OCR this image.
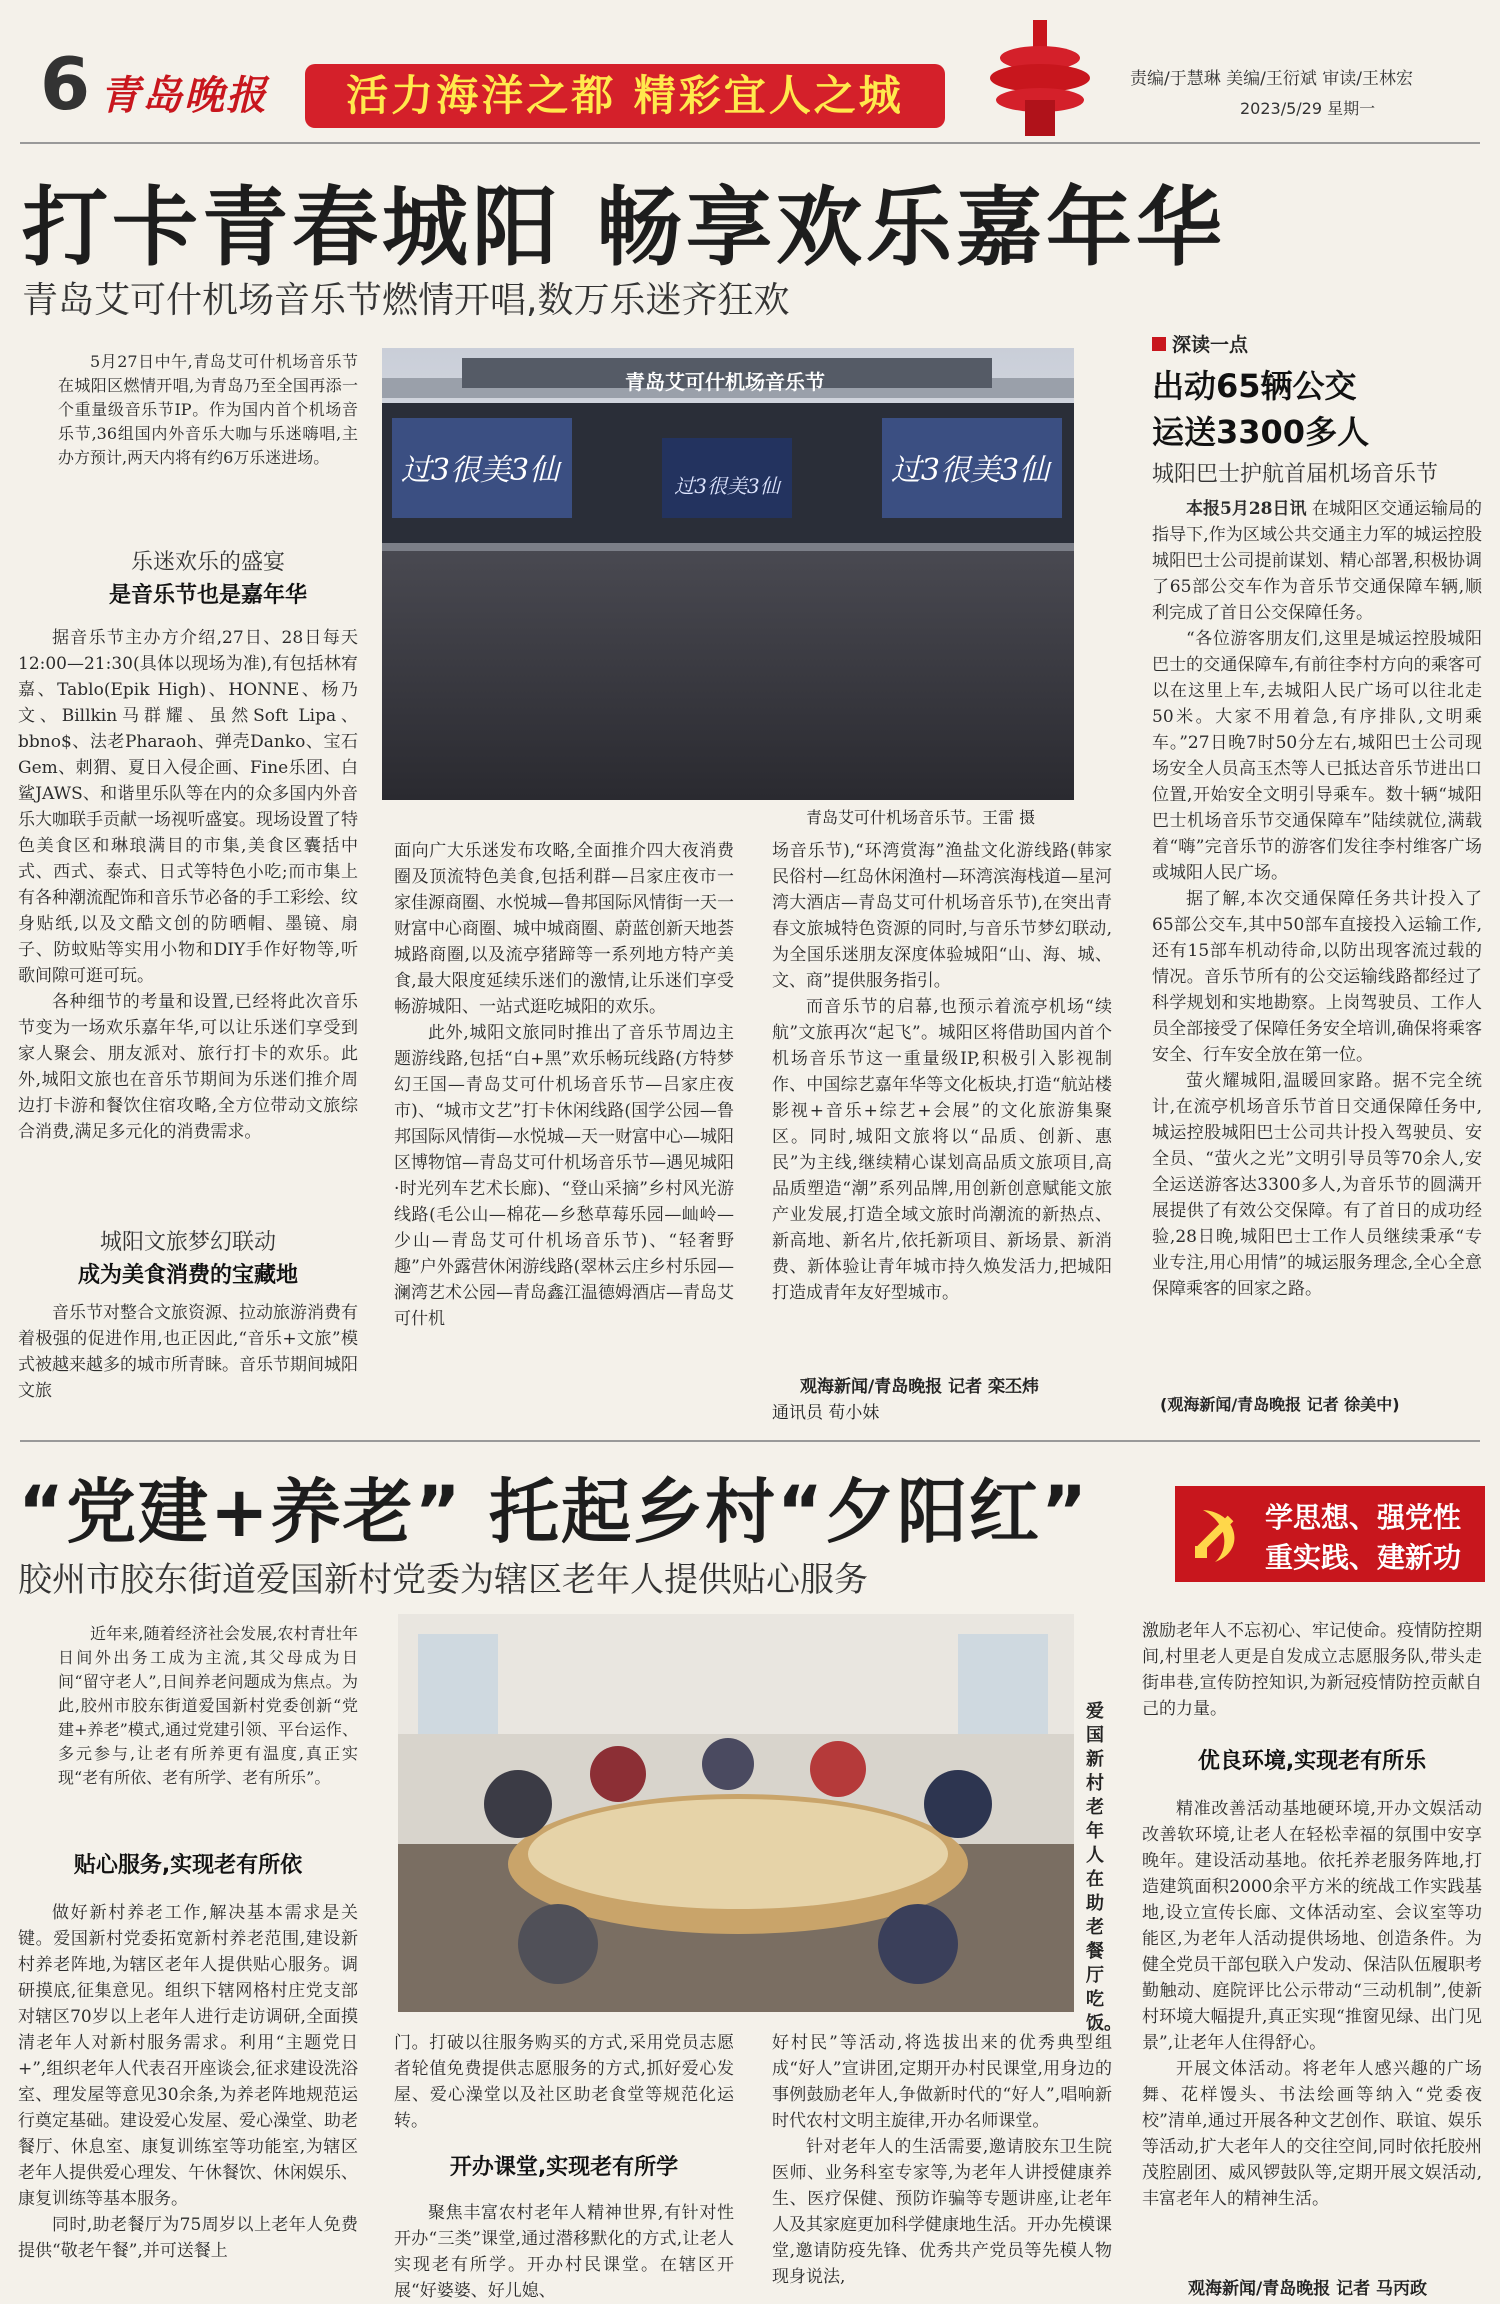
6 青岛晚报	活力海洋之都 精彩宜人之城	责编/于慧琳 美编/王衍斌 审读/王林宏
2023/5/29 星期一
打卡青春城阳 畅享欢乐嘉年华
青岛艾可什机场音乐节燃情开唱,数万乐迷齐狂欢

5月27日中午,青岛艾可什机场音乐节在城阳区燃情开唱,为青岛乃至全国再添一个重量级音乐节IP。作为国内首个机场音乐节,36组国内外音乐大咖与乐迷嗨唱,主办方预计,两天内将有约6万乐迷进场。

乐迷欢乐的盛宴
是音乐节也是嘉年华

据音乐节主办方介绍,27日、28日每天12:00—21:30(具体以现场为准),有包括林宥嘉、Tablo(Epik High)、HONNE、杨乃文、Billkin马群耀、虽然Soft Lipa、bbno$、法老Pharaoh、弹壳Danko、宝石Gem、刺猬、夏日入侵企画、Fine乐团、白鲨JAWS、和谐里乐队等在内的众多国内外音乐大咖联手贡献一场视听盛宴。现场设置了特色美食区和琳琅满目的市集,美食区囊括中式、西式、泰式、日式等特色小吃;而市集上有各种潮流配饰和音乐节必备的手工彩绘、纹身贴纸,以及文酷文创的防晒帽、墨镜、扇子、防蚊贴等实用小物和DIY手作好物等,听歌间隙可逛可玩。

各种细节的考量和设置,已经将此次音乐节变为一场欢乐嘉年华,可以让乐迷们享受到家人聚会、朋友派对、旅行打卡的欢乐。此外,城阳文旅也在音乐节期间为乐迷们推介周边打卡游和餐饮住宿攻略,全方位带动文旅综合消费,满足多元化的消费需求。

城阳文旅梦幻联动
成为美食消费的宝藏地

音乐节对整合文旅资源、拉动旅游消费有着极强的促进作用,也正因此,“音乐+文旅”模式被越来越多的城市所青睐。音乐节期间城阳文旅

青岛艾可什机场音乐节
过3很美3仙	过3很美3仙
过3很美3仙
青岛艾可什机场音乐节。王雷 摄

面向广大乐迷发布攻略,全面推介四大夜消费圈及顶流特色美食,包括利群—吕家庄夜市一家佳源商圈、水悦城—鲁邦国际风情街一天一财富中心商圈、城中城商圈、蔚蓝创新天地荟城路商圈,以及流亭猪蹄等一系列地方特产美食,最大限度延续乐迷们的激情,让乐迷们享受畅游城阳、一站式逛吃城阳的欢乐。

此外,城阳文旅同时推出了音乐节周边主题游线路,包括“白+黑”欢乐畅玩线路(方特梦幻王国—青岛艾可什机场音乐节—吕家庄夜市)、“城市文艺”打卡休闲线路(国学公园—鲁邦国际风情街—水悦城—天一财富中心—城阳区博物馆—青岛艾可什机场音乐节—遇见城阳·时光列车艺术长廊)、“登山采摘”乡村风光游线路(毛公山—棉花—乡愁草莓乐园—屾岭—少山—青岛艾可什机场音乐节)、“轻奢野趣”户外露营休闲游线路(翠林云庄乡村乐园—澜湾艺术公园—青岛鑫江温德姆酒店—青岛艾可什机

场音乐节),“环湾赏海”渔盐文化游线路(韩家民俗村—红岛休闲渔村—环湾滨海栈道—星河湾大酒店—青岛艾可什机场音乐节),在突出青春文旅城特色资源的同时,与音乐节梦幻联动,为全国乐迷朋友深度体验城阳“山、海、城、文、商”提供服务指引。

而音乐节的启幕,也预示着流亭机场“续航”文旅再次“起飞”。城阳区将借助国内首个机场音乐节这一重量级IP,积极引入影视制作、中国综艺嘉年华等文化板块,打造“航站楼影视+音乐+综艺+会展”的文化旅游集聚区。同时,城阳文旅将以“品质、创新、惠民”为主线,继续精心谋划高品质文旅项目,高品质塑造“潮”系列品牌,用创新创意赋能文旅产业发展,打造全域文旅时尚潮流的新热点、新高地、新名片,依托新项目、新场景、新消费、新体验让青年城市持久焕发活力,把城阳打造成青年友好型城市。

观海新闻/青岛晚报 记者 栾丕炜
通讯员 荀小妹
深读一点
出动65辆公交
运送3300多人
城阳巴士护航首届机场音乐节

本报5月28日讯 在城阳区交通运输局的指导下,作为区域公共交通主力军的城运控股城阳巴士公司提前谋划、精心部署,积极协调了65部公交车作为音乐节交通保障车辆,顺利完成了首日公交保障任务。

“各位游客朋友们,这里是城运控股城阳巴士的交通保障车,有前往李村方向的乘客可以在这里上车,去城阳人民广场可以往北走50米。大家不用着急,有序排队,文明乘车。”27日晚7时50分左右,城阳巴士公司现场安全人员高玉杰等人已抵达音乐节进出口位置,开始安全文明引导乘车。数十辆“城阳巴士机场音乐节交通保障车”陆续就位,满载着“嗨”完音乐节的游客们发往李村维客广场或城阳人民广场。

据了解,本次交通保障任务共计投入了65部公交车,其中50部车直接投入运输工作,还有15部车机动待命,以防出现客流过载的情况。音乐节所有的公交运输线路都经过了科学规划和实地勘察。上岗驾驶员、工作人员全部接受了保障任务安全培训,确保将乘客安全、行车安全放在第一位。

萤火耀城阳,温暖回家路。据不完全统计,在流亭机场音乐节首日交通保障任务中,城运控股城阳巴士公司共计投入驾驶员、安全员、“萤火之光”文明引导员等70余人,安全运送游客达3300多人,为音乐节的圆满开展提供了有效公交保障。有了首日的成功经验,28日晚,城阳巴士工作人员继续秉承“专业专注,用心用情”的城运服务理念,全心全意保障乘客的回家之路。

(观海新闻/青岛晚报 记者 徐美中)
“党建+养老” 托起乡村“夕阳红”
胶州市胶东街道爱国新村党委为辖区老年人提供贴心服务
学思想、强党性
重实践、建新功

近年来,随着经济社会发展,农村青壮年日间外出务工成为主流,其父母成为日间“留守老人”,日间养老问题成为焦点。为此,胶州市胶东街道爱国新村党委创新“党建+养老”模式,通过党建引领、平台运作、多元参与,让老有所养更有温度,真正实现“老有所依、老有所学、老有所乐”。

贴心服务,实现老有所依

做好新村养老工作,解决基本需求是关键。爱国新村党委拓宽新村养老范围,建设新村养老阵地,为辖区老年人提供贴心服务。调研摸底,征集意见。组织下辖网格村庄党支部对辖区70岁以上老年人进行走访调研,全面摸清老年人对新村服务需求。利用“主题党日+”,组织老年人代表召开座谈会,征求建设洗浴室、理发屋等意见30余条,为养老阵地规范运行奠定基础。建设爱心发屋、爱心澡堂、助老餐厅、休息室、康复训练室等功能室,为辖区老年人提供爱心理发、午休餐饮、休闲娱乐、康复训练等基本服务。

同时,助老餐厅为75周岁以上老年人免费提供“敬老午餐”,并可送餐上

爱国新村老年人在助老餐厅吃饭。

门。打破以往服务购买的方式,采用党员志愿者轮值免费提供志愿服务的方式,抓好爱心发屋、爱心澡堂以及社区助老食堂等规范化运转。

开办课堂,实现老有所学

聚焦丰富农村老年人精神世界,有针对性开办“三类”课堂,通过潜移默化的方式,让老人实现老有所学。开办村民课堂。在辖区开展“好婆婆、好儿媳、

好村民”等活动,将选拔出来的优秀典型组成“好人”宣讲团,定期开办村民课堂,用身边的事例鼓励老年人,争做新时代的“好人”,唱响新时代农村文明主旋律,开办名师课堂。

针对老年人的生活需要,邀请胶东卫生院医师、业务科室专家等,为老年人讲授健康养生、医疗保健、预防诈骗等专题讲座,让老年人及其家庭更加科学健康地生活。开办先模课堂,邀请防疫先锋、优秀共产党员等先模人物现身说法,

激励老年人不忘初心、牢记使命。疫情防控期间,村里老人更是自发成立志愿服务队,带头走街串巷,宣传防控知识,为新冠疫情防控贡献自己的力量。

优良环境,实现老有所乐

精准改善活动基地硬环境,开办文娱活动改善软环境,让老人在轻松幸福的氛围中安享晚年。建设活动基地。依托养老服务阵地,打造建筑面积2000余平方米的统战工作实践基地,设立宣传长廊、文体活动室、会议室等功能区,为老年人活动提供场地、创造条件。为健全党员干部包联入户发动、保洁队伍履职考勤触动、庭院评比公示带动“三动机制”,使新村环境大幅提升,真正实现“推窗见绿、出门见景”,让老年人住得舒心。

开展文体活动。将老年人感兴趣的广场舞、花样馒头、书法绘画等纳入“党委夜校”清单,通过开展各种文艺创作、联谊、娱乐等活动,扩大老年人的交往空间,同时依托胶州茂腔剧团、威风锣鼓队等,定期开展文娱活动,丰富老年人的精神生活。

观海新闻/青岛晚报 记者 马丙政
